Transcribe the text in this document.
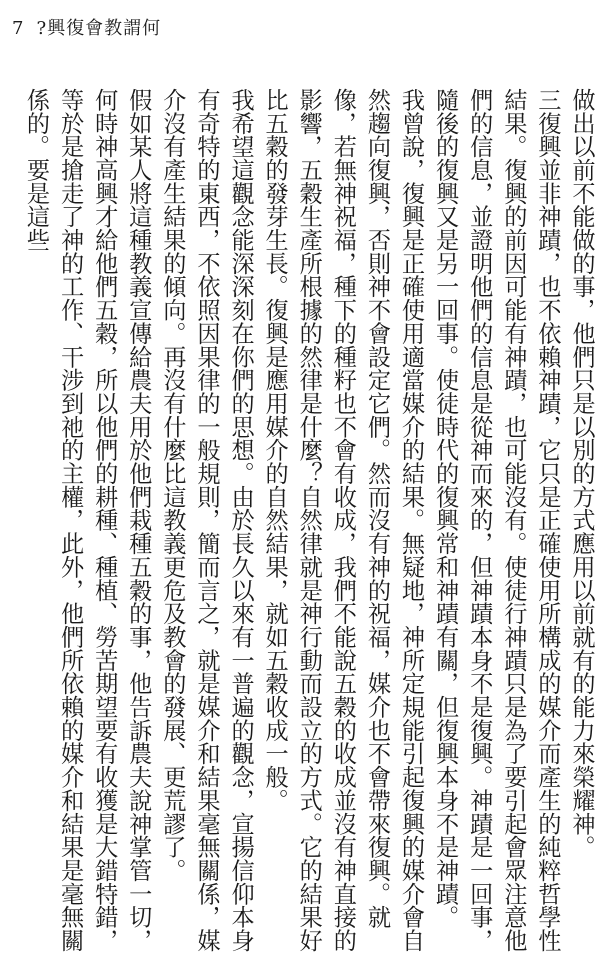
7 ?興復會教謂何

做出以前不能做的事，他們只是以別的方式應用以前就有的能力來榮耀神。

三復興並非神蹟，也不依賴神蹟，它只是正確使用所構成的媒介而產生的純粹哲學性結果。復興的前因可能有神蹟，也可能沒有。使徒行神蹟只是為了要引起會眾注意他們的信息，並證明他們的信息是從神而來的，但神蹟本身不是復興。神蹟是一回事，隨後的復興又是另一回事。使徒時代的復興常和神蹟有關，但復興本身不是神蹟。

我曾說，復興是正確使用適當媒介的結果。無疑地，神所定規能引起復興的媒介會自然趨向復興，否則神不會設定它們。然而沒有神的祝福，媒介也不會帶來復興。就像，若無神祝福，種下的種籽也不會有收成，我們不能說五穀的收成並沒有神直接的影響，五穀生產所根據的然律是什麼？自然律就是神行動而設立的方式。它的結果好比五穀的發芽生長。復興是應用媒介的自然結果，就如五穀收成一般。

我希望這觀念能深深刻在你們的思想。由於長久以來有一普遍的觀念，宣揚信仰本身有奇特的東西，不依照因果律的一般規則，簡而言之，就是媒介和結果毫無關係，媒介沒有產生結果的傾向。再沒有什麼比這教義更危及教會的發展、更荒謬了。

假如某人將這種教義宣傳給農夫用於他們栽種五穀的事，他告訴農夫說神掌管一切，何時神高興才給他們五穀，所以他們的耕種、種植、勞苦期望要有收獲是大錯特錯，等於是搶走了神的工作、干涉到祂的主權，此外，他們所依賴的媒介和結果是毫無關係的。要是這些
